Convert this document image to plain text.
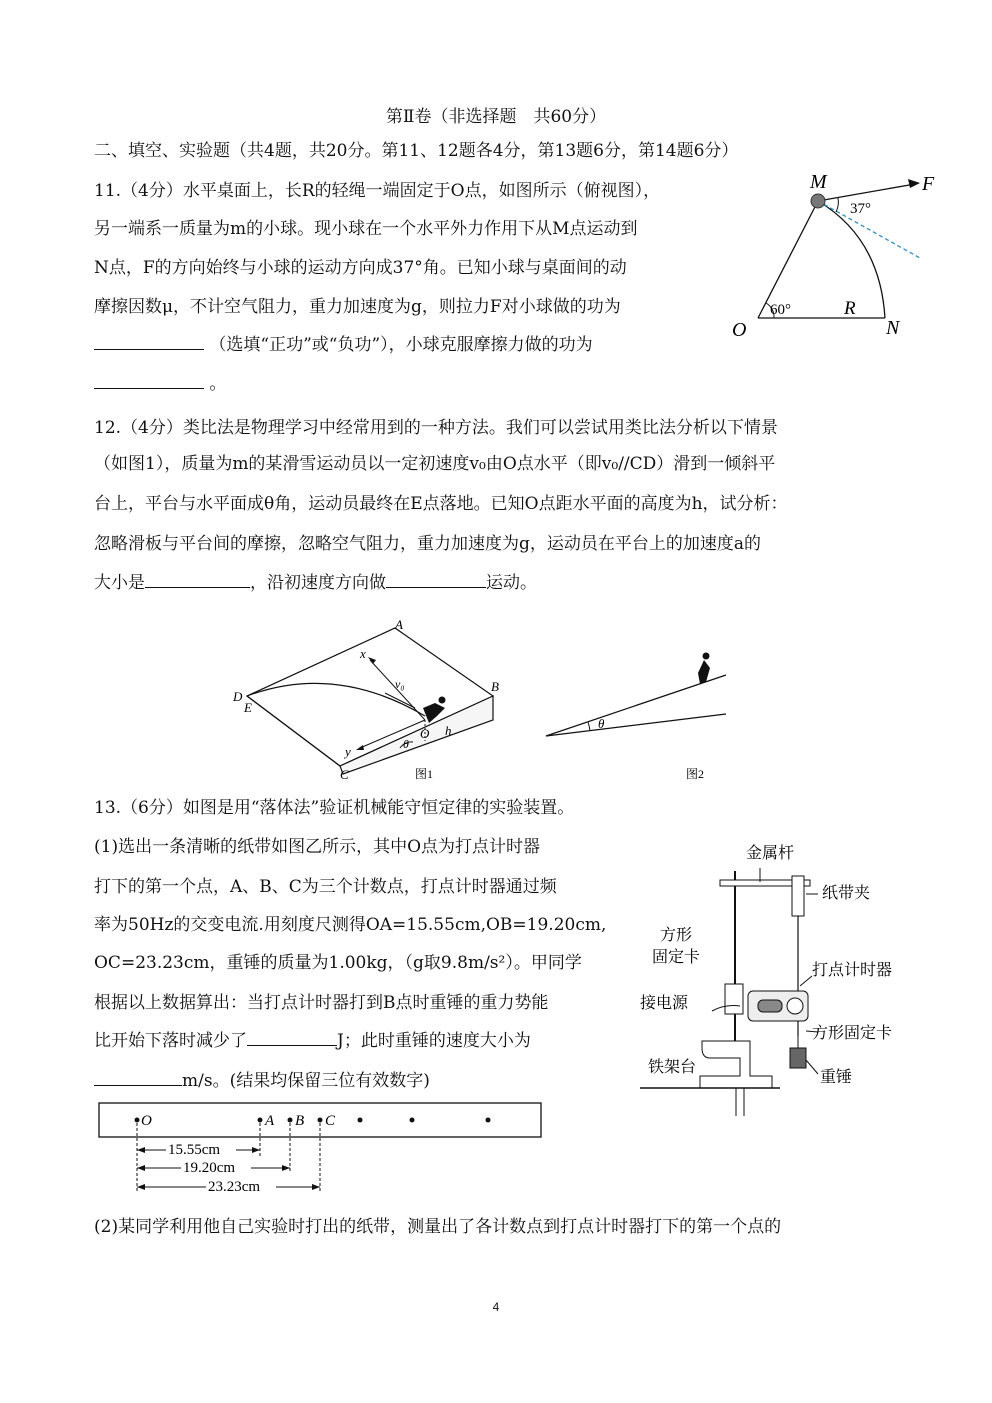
第Ⅱ卷（非选择题　共60分）
二、填空、实验题（共4题，共20分。第11、12题各4分，第13题6分，第14题6分）
11.（4分）水平桌面上，长R的轻绳一端固定于O点，如图所示（俯视图），
另一端系一质量为m的小球。现小球在一个水平外力作用下从M点运动到
N点，F的方向始终与小球的运动方向成37°角。已知小球与桌面间的动
摩擦因数μ，不计空气阻力，重力加速度为g，则拉力F对小球做的功为
（选填“正功”或“负功”），小球克服摩擦力做的功为
。
M	F
37°
60°	R
O	N
12.（4分）类比法是物理学习中经常用到的一种方法。我们可以尝试用类比法分析以下情景
（如图1），质量为m的某滑雪运动员以一定初速度v₀由O点水平（即v₀//CD）滑到一倾斜平
台上，平台与水平面成θ角，运动员最终在E点落地。已知O点距水平面的高度为h，试分析：
忽略滑板与平台间的摩擦，忽略空气阻力，重力加速度为g，运动员在平台上的加速度a的
大小是	，沿初速度方向做	运动。
A
B
C
D
E
O
x
y
v₀
h
θ
图1
θ
图2
13.（6分）如图是用“落体法”验证机械能守恒定律的实验装置。
(1)选出一条清晰的纸带如图乙所示，其中O点为打点计时器
打下的第一个点，A、B、C为三个计数点，打点计时器通过频
率为50Hz的交变电流.用刻度尺测得OA=15.55cm,OB=19.20cm,
OC=23.23cm，重锤的质量为1.00kg，（g取9.8m/s²）。甲同学
根据以上数据算出：当打点计时器打到B点时重锤的重力势能
比开始下落时减少了	J；此时重锤的速度大小为
m/s。(结果均保留三位有效数字)
金属杆
纸带夹
方形
固定卡
打点计时器
接电源
方形固定卡
铁架台
重锤
O	A B C
15.55cm
19.20cm
23.23cm
(2)某同学利用他自己实验时打出的纸带，测量出了各计数点到打点计时器打下的第一个点的
4
